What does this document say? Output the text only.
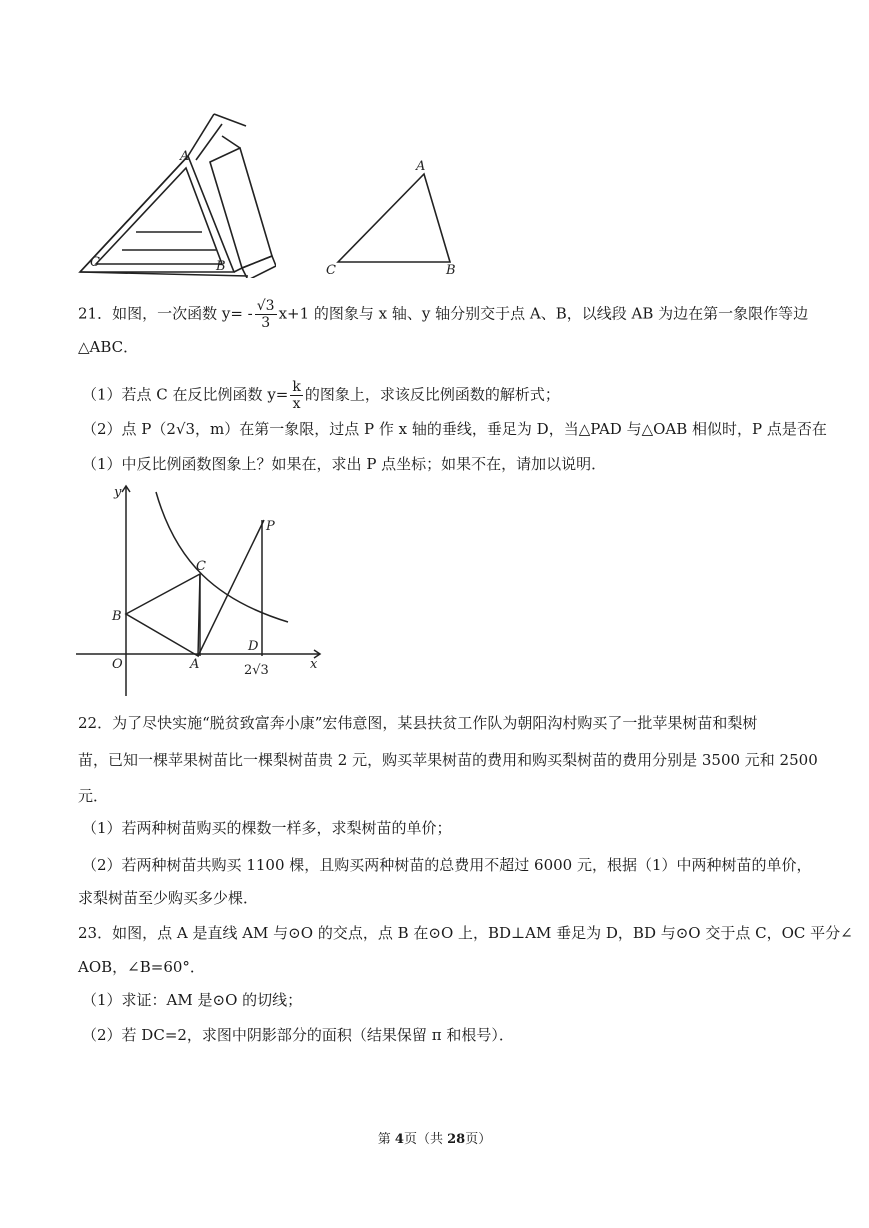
A
C	B
A
C	B
21．如图，一次函数 $y= - \frac{√3}{3} x+1$ 的图象与 x 轴、y 轴分别交于点 A、B，以线段 AB 为边在第一象限作等边
△ABC．
（1）若点 C 在反比例函数 $y= \frac{k}{x}$ 的图象上，求该反比例函数的解析式；
（2）点 P（2√3，m）在第一象限，过点 P 作 x 轴的垂线，垂足为 D，当△PAD 与△OAB 相似时，P 点是否在
（1）中反比例函数图象上？如果在，求出 P 点坐标；如果不在，请加以说明．
y
x
O	A
B
C
D
P
2√3
22．为了尽快实施“脱贫致富奔小康”宏伟意图，某县扶贫工作队为朝阳沟村购买了一批苹果树苗和梨树
苗，已知一棵苹果树苗比一棵梨树苗贵 2 元，购买苹果树苗的费用和购买梨树苗的费用分别是 3500 元和 2500
元．
（1）若两种树苗购买的棵数一样多，求梨树苗的单价；
（2）若两种树苗共购买 1100 棵，且购买两种树苗的总费用不超过 6000 元，根据（1）中两种树苗的单价，
求梨树苗至少购买多少棵．
23．如图，点 A 是直线 AM 与⊙O 的交点，点 B 在⊙O 上，BD⊥AM 垂足为 D，BD 与⊙O 交于点 C，OC 平分∠
AOB，∠B=60°．
（1）求证：AM 是⊙O 的切线；
（2）若 DC=2，求图中阴影部分的面积（结果保留 π 和根号）．
第 4页（共 28页）
